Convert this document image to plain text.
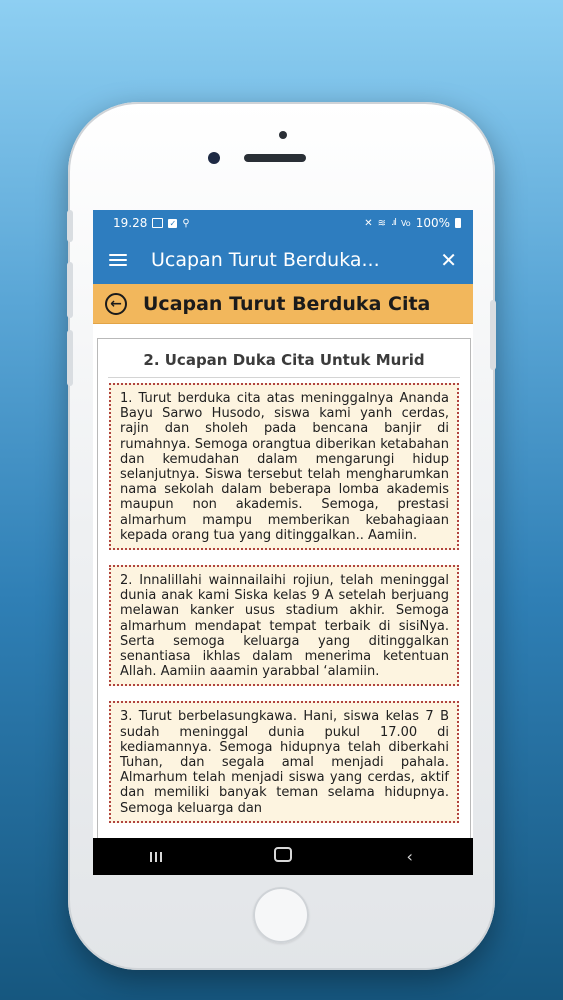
19.28	✓ ⚲	✕ ≋ .ıl Vo 100%
Ucapan Turut Berduka...	✕
← Ucapan Turut Berduka Cita
2. Ucapan Duka Cita Untuk Murid
1. Turut berduka cita atas meninggalnya Ananda Bayu Sarwo Husodo, siswa kami yanh cerdas, rajin dan sholeh pada bencana banjir di rumahnya. Semoga orangtua diberikan ketabahan dan kemudahan dalam mengarungi hidup selanjutnya. Siswa tersebut telah mengharumkan nama sekolah dalam beberapa lomba akademis maupun non akademis. Semoga, prestasi almarhum mampu memberikan kebahagiaan kepada orang tua yang ditinggalkan.. Aamiin.
2. Innalillahi wainnailaihi rojiun, telah meninggal dunia anak kami Siska kelas 9 A setelah berjuang melawan kanker usus stadium akhir. Semoga almarhum mendapat tempat terbaik di sisiNya. Serta semoga keluarga yang ditinggalkan senantiasa ikhlas dalam menerima ketentuan Allah. Aamiin aaamin yarabbal ‘alamiin.
3. Turut berbelasungkawa. Hani, siswa kelas 7 B sudah meninggal dunia pukul 17.00 di kediamannya. Semoga hidupnya telah diberkahi Tuhan, dan segala amal menjadi pahala. Almarhum telah menjadi siswa yang cerdas, aktif dan memiliki banyak teman selama hidupnya. Semoga keluarga dan
‹
